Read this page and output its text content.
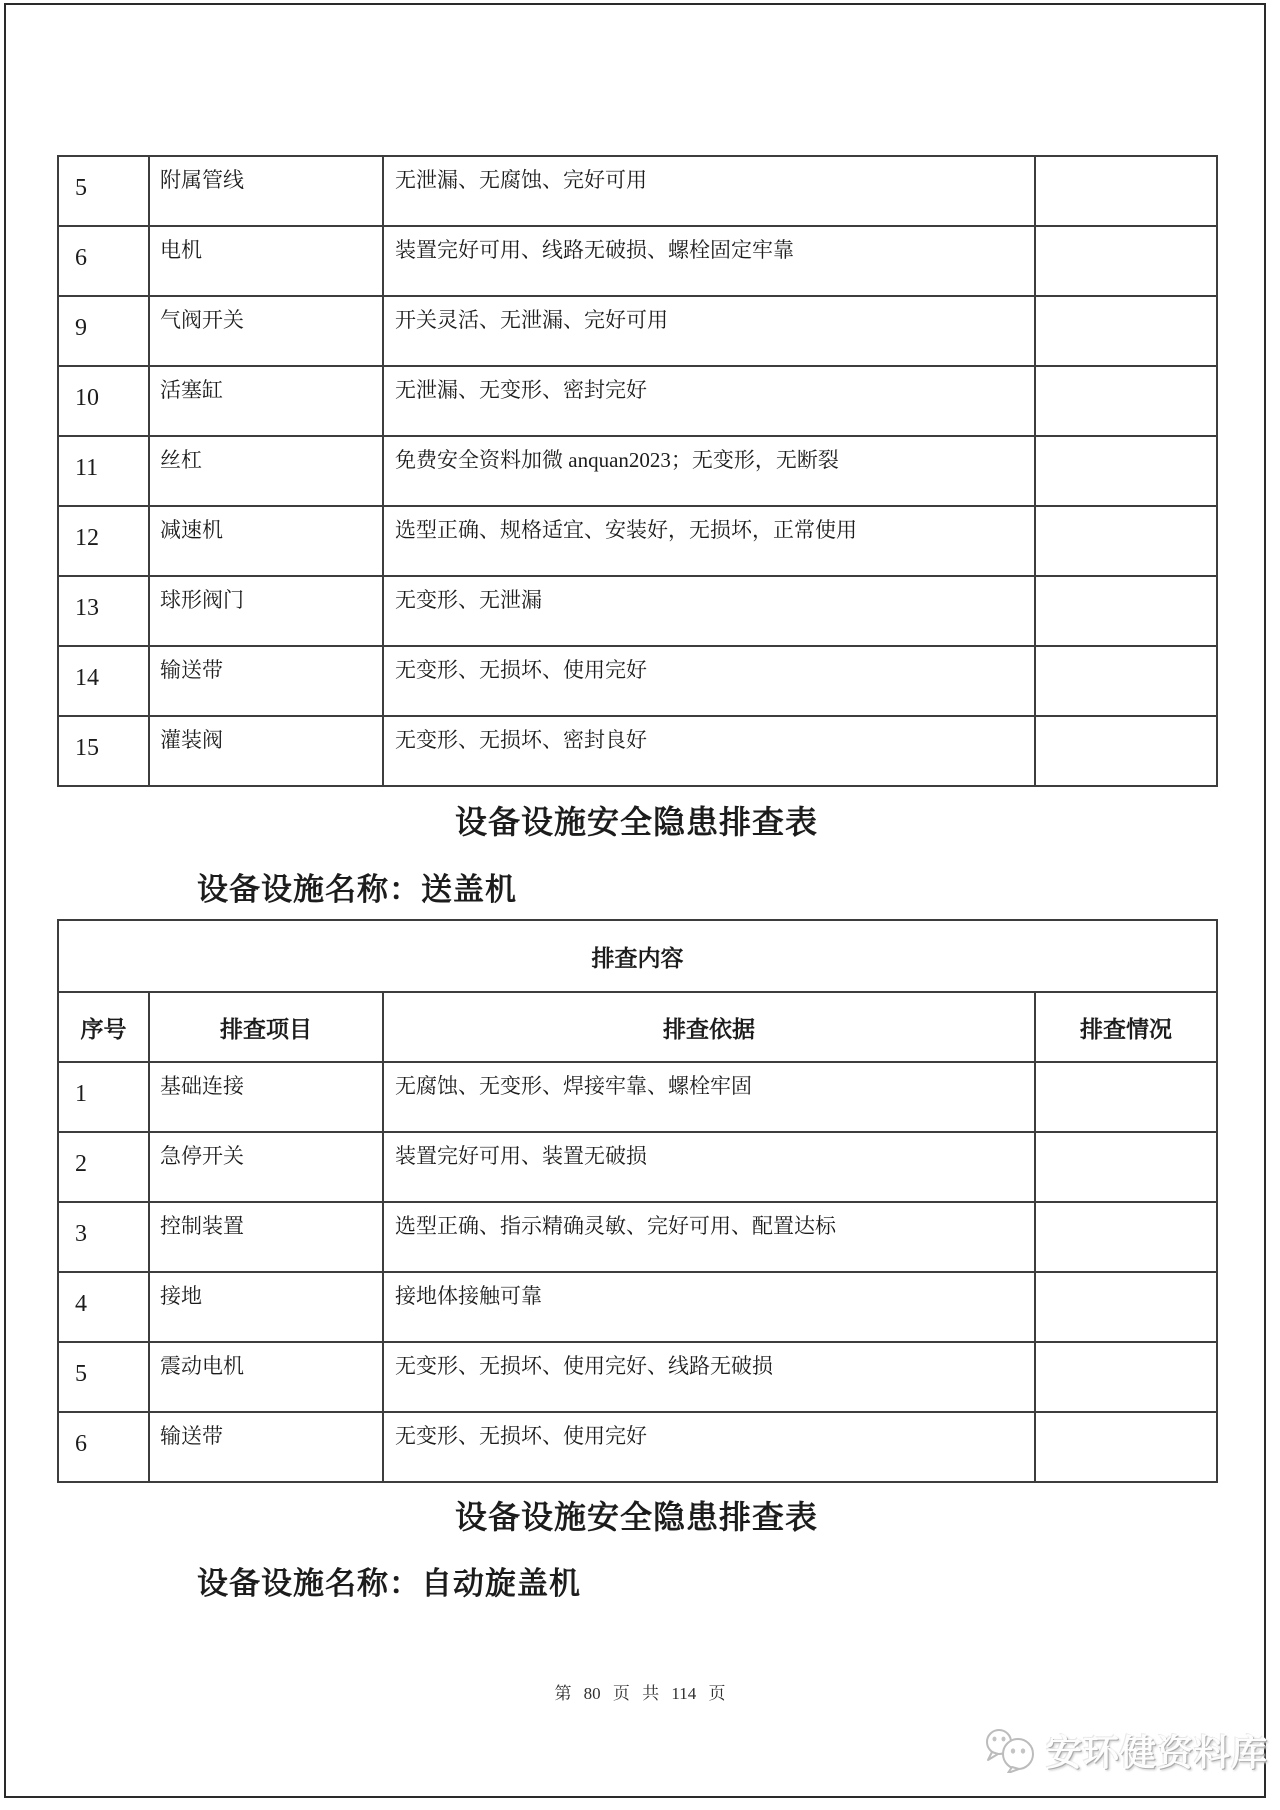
5	附属管线	无泄漏、无腐蚀、完好可用	
6	电机	装置完好可用、线路无破损、螺栓固定牢靠	
9	气阀开关	开关灵活、无泄漏、完好可用	
10	活塞缸	无泄漏、无变形、密封完好	
11	丝杠	免费安全资料加微 anquan2023；无变形，无断裂	
12	减速机	选型正确、规格适宜、安装好，无损坏，正常使用	
13	球形阀门	无变形、无泄漏	
14	输送带	无变形、无损坏、使用完好	
15	灌装阀	无变形、无损坏、密封良好	
设备设施安全隐患排查表
设备设施名称：送盖机
排查内容			
序号	排查项目	排查依据	排查情况
1	基础连接	无腐蚀、无变形、焊接牢靠、螺栓牢固	
2	急停开关	装置完好可用、装置无破损	
3	控制装置	选型正确、指示精确灵敏、完好可用、配置达标	
4	接地	接地体接触可靠	
5	震动电机	无变形、无损坏、使用完好、线路无破损	
6	输送带	无变形、无损坏、使用完好	
设备设施安全隐患排查表
设备设施名称：自动旋盖机
第 80 页 共 114 页
安环健资料库
